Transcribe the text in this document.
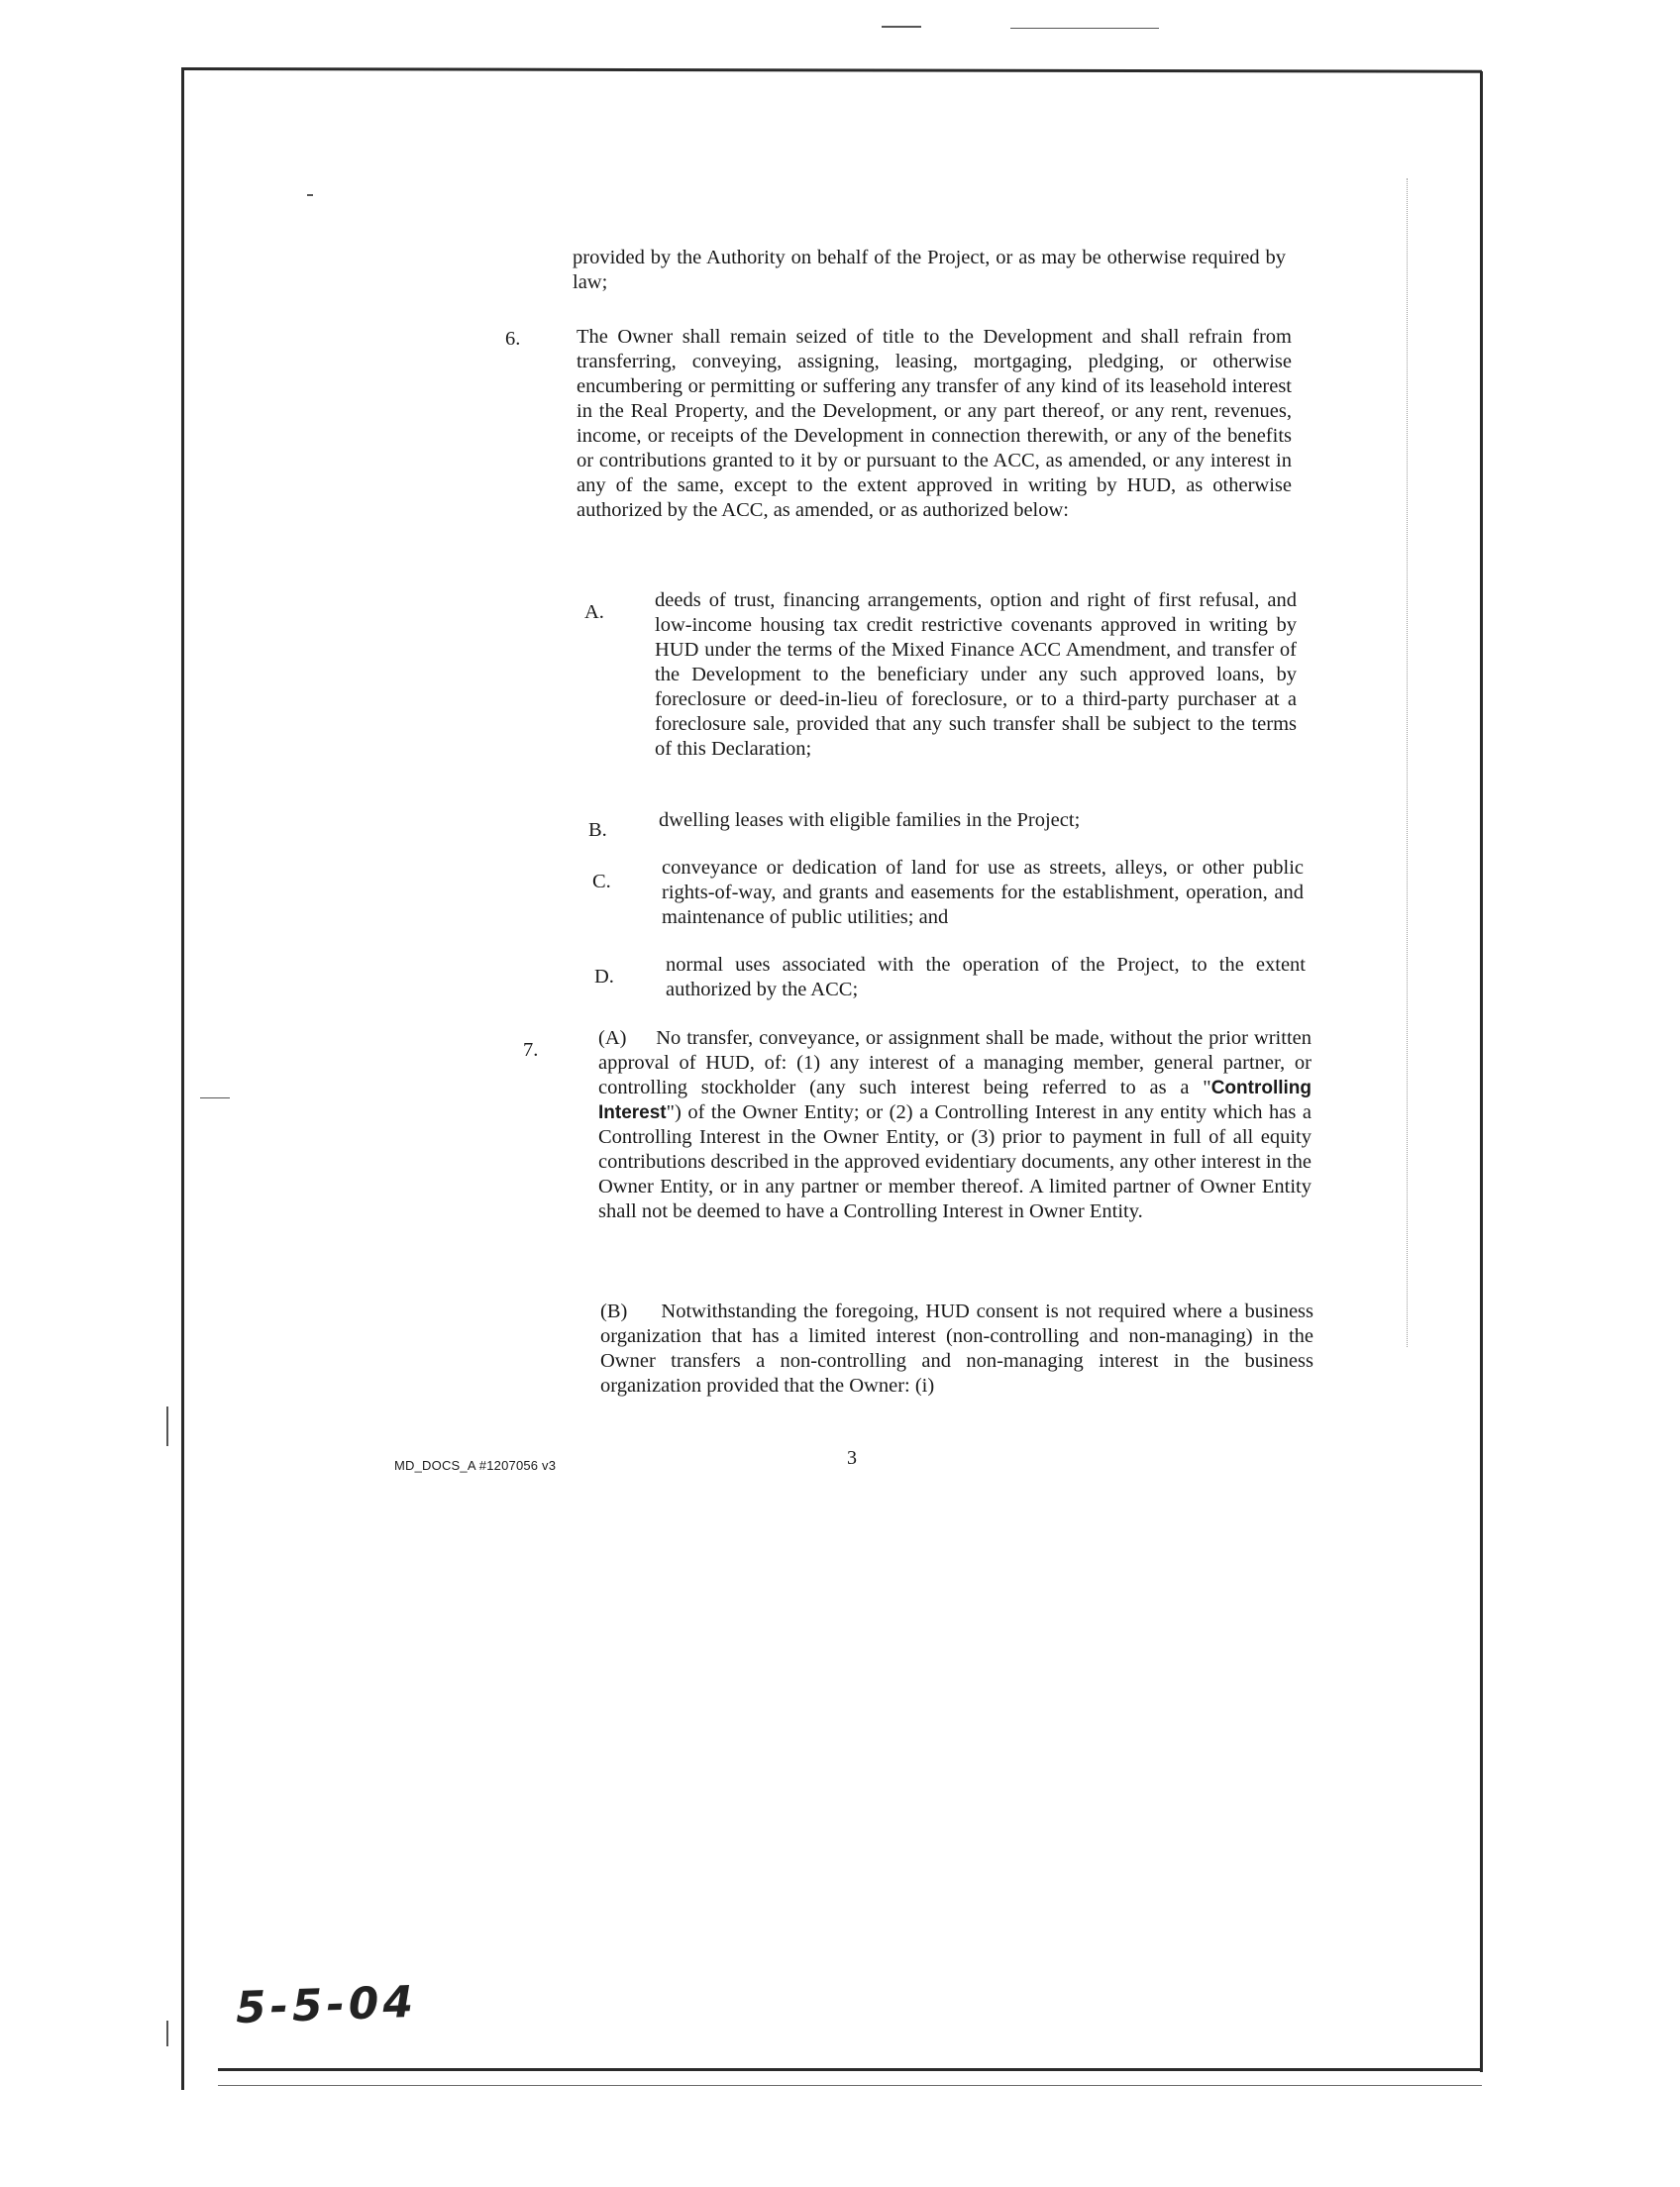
provided by the Authority on behalf of the Project, or as may be otherwise required by law;
6.	The Owner shall remain seized of title to the Development and shall refrain from transferring, conveying, assigning, leasing, mortgaging, pledging, or otherwise encumbering or permitting or suffering any transfer of any kind of its leasehold interest in the Real Property, and the Development, or any part thereof, or any rent, revenues, income, or receipts of the Development in connection therewith, or any of the benefits or contributions granted to it by or pursuant to the ACC, as amended, or any interest in any of the same, except to the extent approved in writing by HUD, as otherwise authorized by the ACC, as amended, or as authorized below:
A.
deeds of trust, financing arrangements, option and right of first refusal, and low-income housing tax credit restrictive covenants approved in writing by HUD under the terms of the Mixed Finance ACC Amendment, and transfer of the Development to the beneficiary under any such approved loans, by foreclosure or deed-in-lieu of foreclosure, or to a third-party purchaser at a foreclosure sale, provided that any such transfer shall be subject to the terms of this Declaration;
B.	dwelling leases with eligible families in the Project;
C.
conveyance or dedication of land for use as streets, alleys, or other public rights-of-way, and grants and easements for the establishment, operation, and maintenance of public utilities; and
D.
normal uses associated with the operation of the Project, to the extent authorized by the ACC;
7.
(A) No transfer, conveyance, or assignment shall be made, without the prior written approval of HUD, of: (1) any interest of a managing member, general partner, or controlling stockholder (any such interest being referred to as a "Controlling Interest") of the Owner Entity; or (2) a Controlling Interest in any entity which has a Controlling Interest in the Owner Entity, or (3) prior to payment in full of all equity contributions described in the approved evidentiary documents, any other interest in the Owner Entity, or in any partner or member thereof. A limited partner of Owner Entity shall not be deemed to have a Controlling Interest in Owner Entity.
(B) Notwithstanding the foregoing, HUD consent is not required where a business organization that has a limited interest (non-controlling and non-managing) in the Owner transfers a non-controlling and non-managing interest in the business organization provided that the Owner: (i)
MD_DOCS_A #1207056 v3	3
5-5-04
